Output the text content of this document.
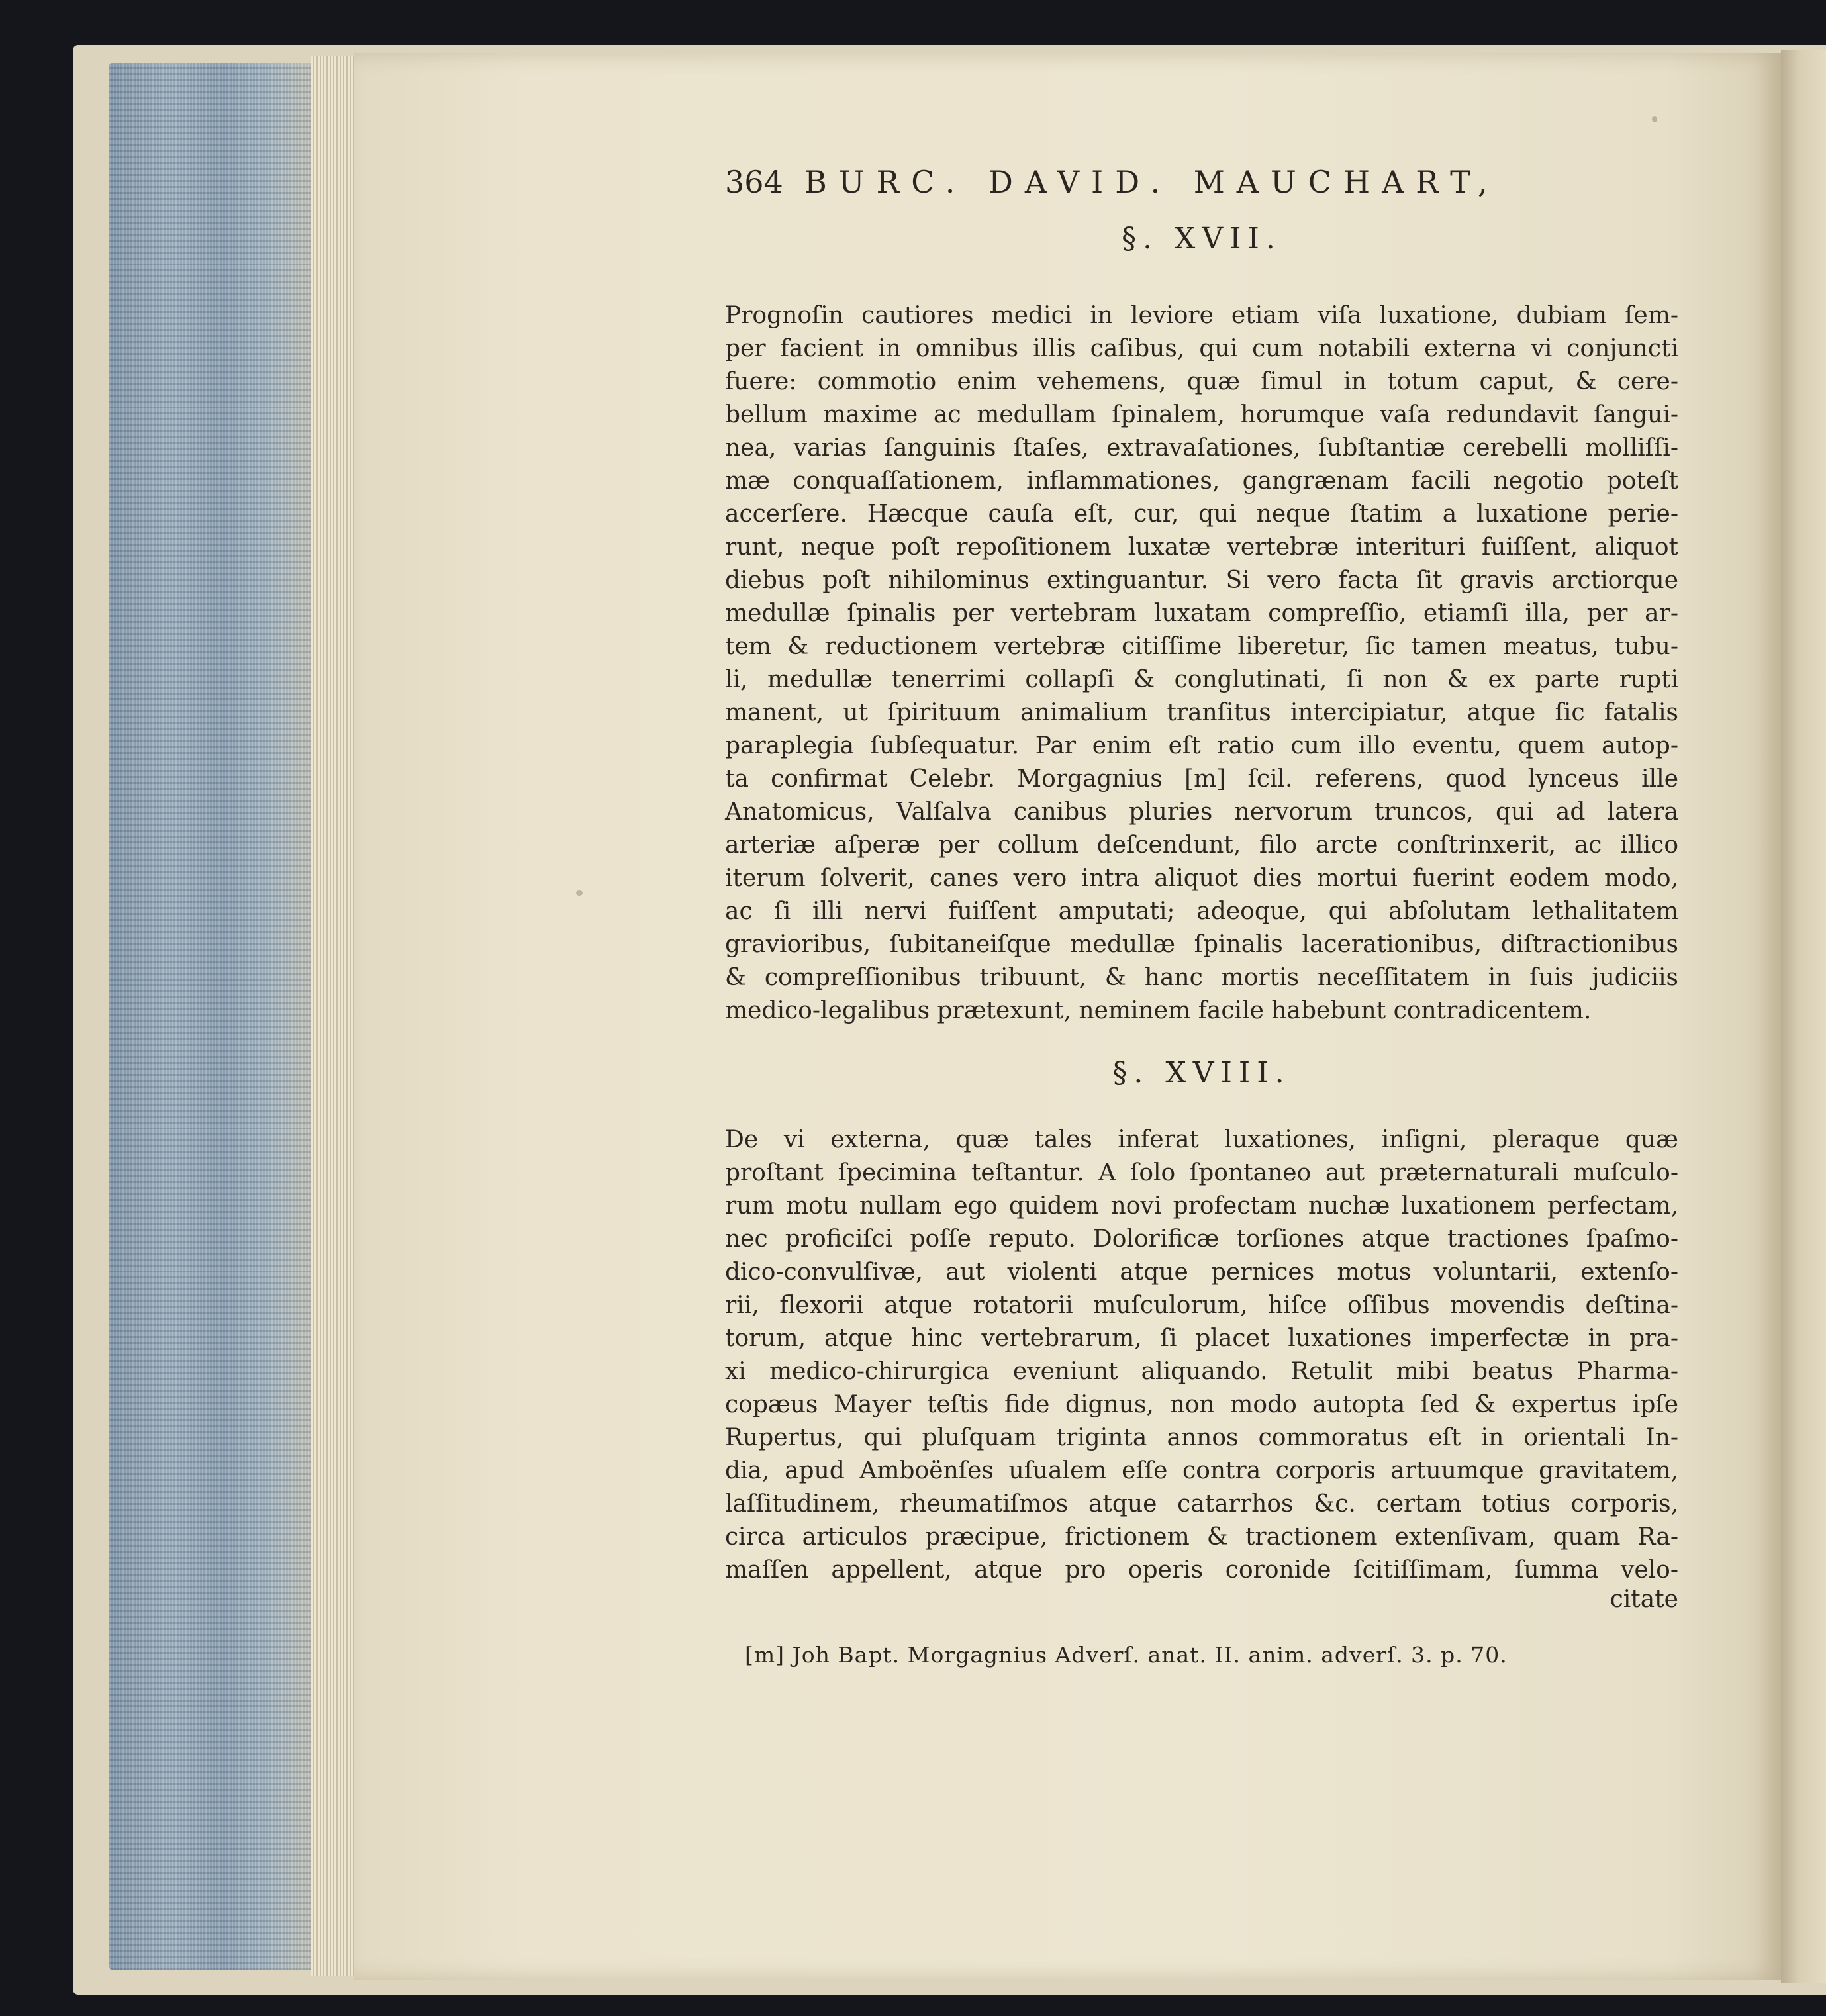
364 BURC. DAVID. MAUCHART,
§. XVII.
Prognoſin cautiores medici in leviore etiam viſa luxatione, dubiam ſem-
per facient in omnibus illis caſibus, qui cum notabili externa vi conjuncti
fuere: commotio enim vehemens, quæ ſimul in totum caput, & cere-
bellum maxime ac medullam ſpinalem, horumque vaſa redundavit ſangui-
nea, varias ſanguinis ſtaſes, extravaſationes, ſubſtantiæ cerebelli molliſſi-
mæ conquaſſationem, inflammationes, gangrænam facili negotio poteſt
accerſere. Hæcque cauſa eſt, cur, qui neque ſtatim a luxatione perie-
runt, neque poſt repoſitionem luxatæ vertebræ interituri fuiſſent, aliquot
diebus poſt nihilominus extinguantur. Si vero facta ſit gravis arctiorque
medullæ ſpinalis per vertebram luxatam compreſſio, etiamſi illa, per ar-
tem & reductionem vertebræ citiſſime liberetur, ſic tamen meatus, tubu-
li, medullæ tenerrimi collapſi & conglutinati, ſi non & ex parte rupti
manent, ut ſpirituum animalium tranſitus intercipiatur, atque ſic fatalis
paraplegia ſubſequatur. Par enim eſt ratio cum illo eventu, quem autop-
ta confirmat Celebr. Morgagnius [m] ſcil. referens, quod lynceus ille
Anatomicus, Valſalva canibus pluries nervorum truncos, qui ad latera
arteriæ aſperæ per collum deſcendunt, filo arcte conſtrinxerit, ac illico
iterum ſolverit, canes vero intra aliquot dies mortui fuerint eodem modo,
ac ſi illi nervi fuiſſent amputati; adeoque, qui abſolutam lethalitatem
gravioribus, ſubitaneiſque medullæ ſpinalis lacerationibus, diſtractionibus
& compreſſionibus tribuunt, & hanc mortis neceſſitatem in ſuis judiciis
medico-legalibus prætexunt, neminem facile habebunt contradicentem.
§. XVIII.
De vi externa, quæ tales inferat luxationes, inſigni, pleraque quæ
proſtant ſpecimina teſtantur. A ſolo ſpontaneo aut præternaturali muſculo-
rum motu nullam ego quidem novi profectam nuchæ luxationem perfectam,
nec proficiſci poſſe reputo. Dolorificæ torſiones atque tractiones ſpaſmo-
dico-convulſivæ, aut violenti atque pernices motus voluntarii, extenſo-
rii, flexorii atque rotatorii muſculorum, hiſce oſſibus movendis deſtina-
torum, atque hinc vertebrarum, ſi placet luxationes imperfectæ in pra-
xi medico-chirurgica eveniunt aliquando. Retulit mibi beatus Pharma-
copæus Mayer teſtis fide dignus, non modo autopta ſed & expertus ipſe
Rupertus, qui pluſquam triginta annos commoratus eſt in orientali In-
dia, apud Amboënſes uſualem eſſe contra corporis artuumque gravitatem,
laſſitudinem, rheumatiſmos atque catarrhos &c. certam totius corporis,
circa articulos præcipue, frictionem & tractionem extenſivam, quam Ra-
maſſen appellent, atque pro operis coronide ſcitiſſimam, ſumma velo-
citate
[m] Joh Bapt. Morgagnius Adverſ. anat. II. anim. adverſ. 3. p. 70.
